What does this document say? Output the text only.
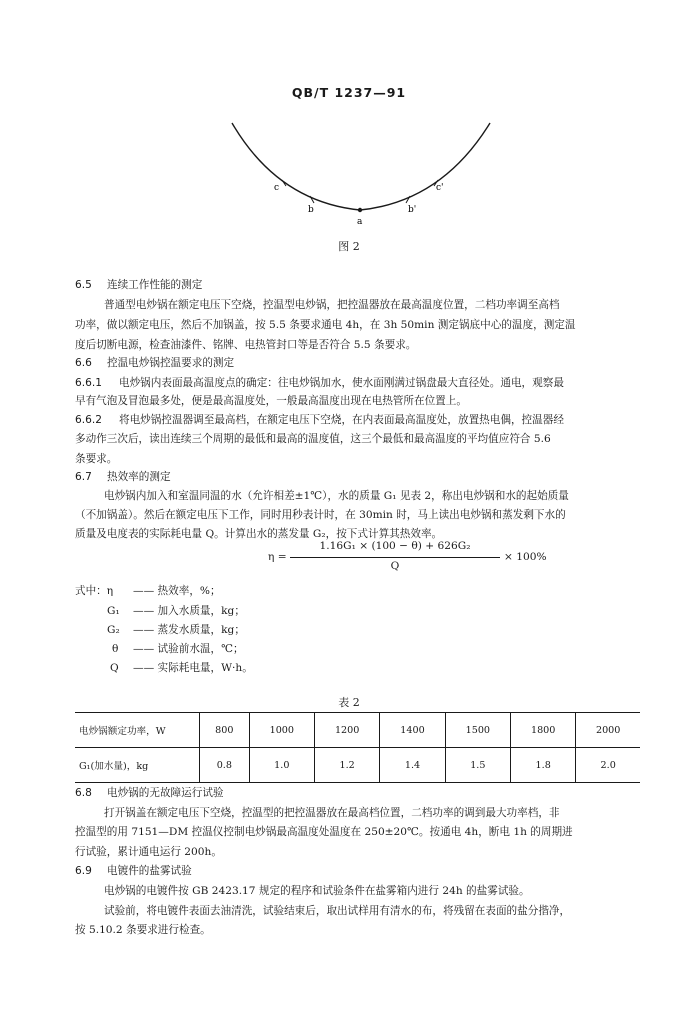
QB/T 1237—91
a
b	b'
c	c'
图 2
6.5 连续工作性能的测定
普通型电炒锅在额定电压下空烧，控温型电炒锅，把控温器放在最高温度位置，二档功率调至高档
功率，做以额定电压，然后不加锅盖，按 5.5 条要求通电 4h，在 3h 50min 测定锅底中心的温度，测定温
度后切断电源，检查油漆件、铭牌、电热管封口等是否符合 5.5 条要求。
6.6 控温电炒锅控温要求的测定
6.6.1 电炒锅内表面最高温度点的确定：往电炒锅加水，使水面刚满过锅盘最大直径处。通电，观察最
早有气泡及冒泡最多处，便是最高温度处，一般最高温度出现在电热管所在位置上。
6.6.2 将电炒锅控温器调至最高档，在额定电压下空烧，在内表面最高温度处，放置热电偶，控温器经
多动作三次后，读出连续三个周期的最低和最高的温度值，这三个最低和最高温度的平均值应符合 5.6
条要求。
6.7 热效率的测定
电炒锅内加入和室温同温的水（允许相差±1℃），水的质量 G₁ 见表 2，称出电炒锅和水的起始质量
（不加锅盖）。然后在额定电压下工作，同时用秒表计时，在 30min 时，马上读出电炒锅和蒸发剩下水的
质量及电度表的实际耗电量 Q。计算出水的蒸发量 G₂，按下式计算其热效率。
η =
1.16G₁ × (100 − θ) + 626G₂
Q
× 100%
式中：η —— 热效率，%；
G₁ —— 加入水质量，kg；
G₂ —— 蒸发水质量，kg；
θ —— 试验前水温，℃；
Q —— 实际耗电量，W·h。
表 2
电炒锅额定功率，W	800	1000	1200	1400	1500	1800	2000
G₁(加水量)，kg	0.8	1.0	1.2	1.4	1.5	1.8	2.0
6.8 电炒锅的无故障运行试验
打开锅盖在额定电压下空烧，控温型的把控温器放在最高档位置，二档功率的调到最大功率档，非
控温型的用 7151—DM 控温仪控制电炒锅最高温度处温度在 250±20℃。按通电 4h，断电 1h 的周期进
行试验，累计通电运行 200h。
6.9 电镀件的盐雾试验
电炒锅的电镀件按 GB 2423.17 规定的程序和试验条件在盐雾箱内进行 24h 的盐雾试验。
试验前，将电镀件表面去油清洗，试验结束后，取出试样用有清水的布，将残留在表面的盐分揩净，
按 5.10.2 条要求进行检查。
